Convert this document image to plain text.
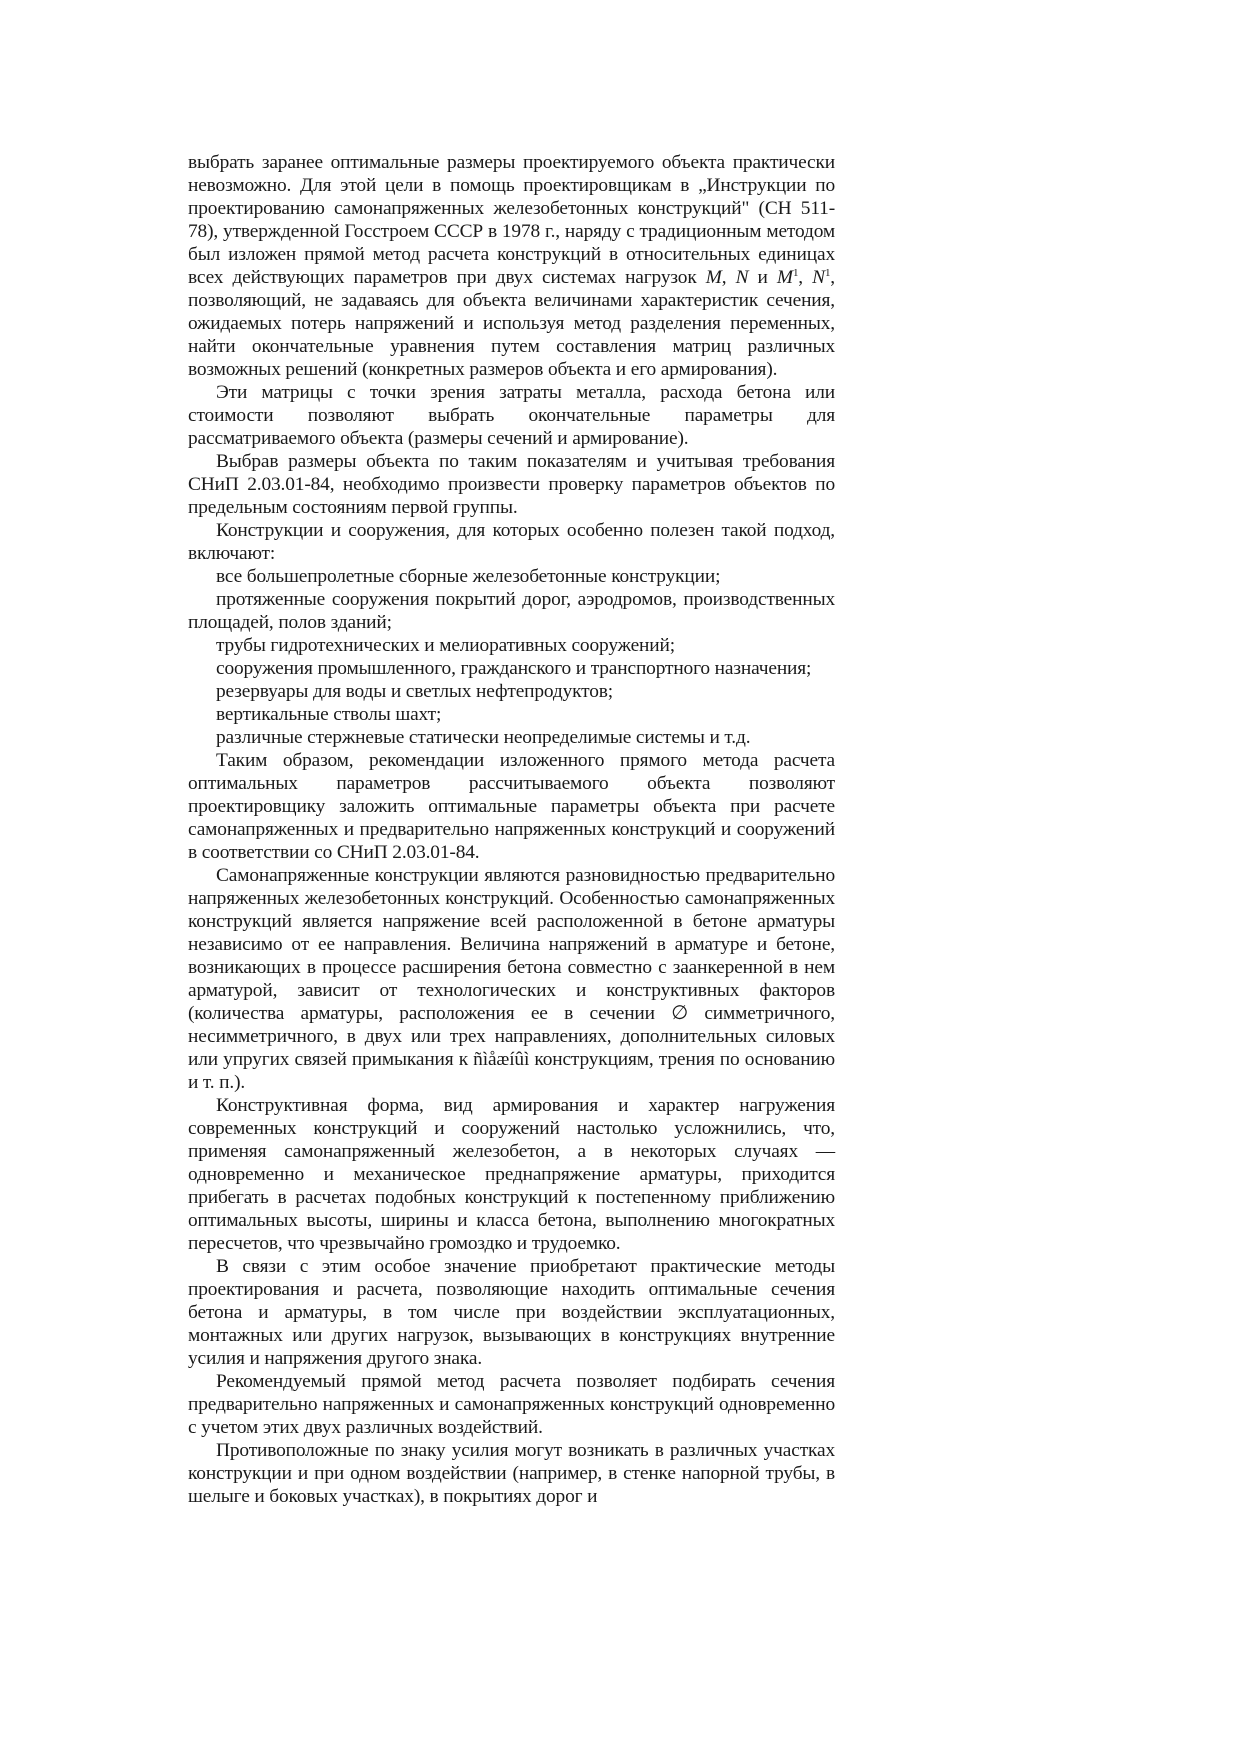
выбрать заранее оптимальные размеры проектируемого объекта практически невозможно. Для этой цели в помощь проектировщикам в „Инструкции по проектированию самонапряженных железобетонных конструкций" (СН 511-78), утвержденной Госстроем СССР в 1978 г., наряду с традиционным методом был изложен прямой метод расчета конструкций в относительных единицах всех действующих параметров при двух системах нагрузок M, N и $M^1$, $N^1$, позволяющий, не задаваясь для объекта величинами характеристик сечения, ожидаемых потерь напряжений и используя метод разделения переменных, найти окончательные уравнения путем составления матриц различных возможных решений (конкретных размеров объекта и его армирования).

Эти матрицы с точки зрения затраты металла, расхода бетона или стоимости позволяют выбрать окончательные параметры для рассматриваемого объекта (размеры сечений и армирование).

Выбрав размеры объекта по таким показателям и учитывая требования СНиП 2.03.01-84, необходимо произвести проверку параметров объектов по предельным состояниям первой группы.

Конструкции и сооружения, для которых особенно полезен такой подход, включают:

все большепролетные сборные железобетонные конструкции;

протяженные сооружения покрытий дорог, аэродромов, производственных площадей, полов зданий;

трубы гидротехнических и мелиоративных сооружений;

сооружения промышленного, гражданского и транспортного назначения;

резервуары для воды и светлых нефтепродуктов;

вертикальные стволы шахт;

различные стержневые статически неопределимые системы и т.д.

Таким образом, рекомендации изложенного прямого метода расчета оптимальных параметров рассчитываемого объекта позволяют проектировщику заложить оптимальные параметры объекта при расчете самонапряженных и предварительно напряженных конструкций и сооружений в соответствии со СНиП 2.03.01-84.

Самонапряженные конструкции являются разновидностью предварительно напряженных железобетонных конструкций. Особенностью самонапряженных конструкций является напряжение всей расположенной в бетоне арматуры независимо от ее направления. Величина напряжений в арматуре и бетоне, возникающих в процессе расширения бетона совместно с заанкеренной в нем арматурой, зависит от технологических и конструктивных факторов (количества арматуры, расположения ее в сечении ∅ симметричного, несимметричного, в двух или трех направлениях, дополнительных силовых или упругих связей примыкания к ñìåæíûì конструкциям, трения по основанию и т. п.).

Конструктивная форма, вид армирования и характер нагружения современных конструкций и сооружений настолько усложнились, что, применяя самонапряженный железобетон, а в некоторых случаях — одновременно и механическое преднапряжение арматуры, приходится прибегать в расчетах подобных конструкций к постепенному приближению оптимальных высоты, ширины и класса бетона, выполнению многократных пересчетов, что чрезвычайно громоздко и трудоемко.

В связи с этим особое значение приобретают практические методы проектирования и расчета, позволяющие находить оптимальные сечения бетона и арматуры, в том числе при воздействии эксплуатационных, монтажных или других нагрузок, вызывающих в конструкциях внутренние усилия и напряжения другого знака.

Рекомендуемый прямой метод расчета позволяет подбирать сечения предварительно напряженных и самонапряженных конструкций одновременно с учетом этих двух различных воздействий.

Противоположные по знаку усилия могут возникать в различных участках конструкции и при одном воздействии (например, в стенке напорной трубы, в шелыге и боковых участках), в покрытиях дорог и
